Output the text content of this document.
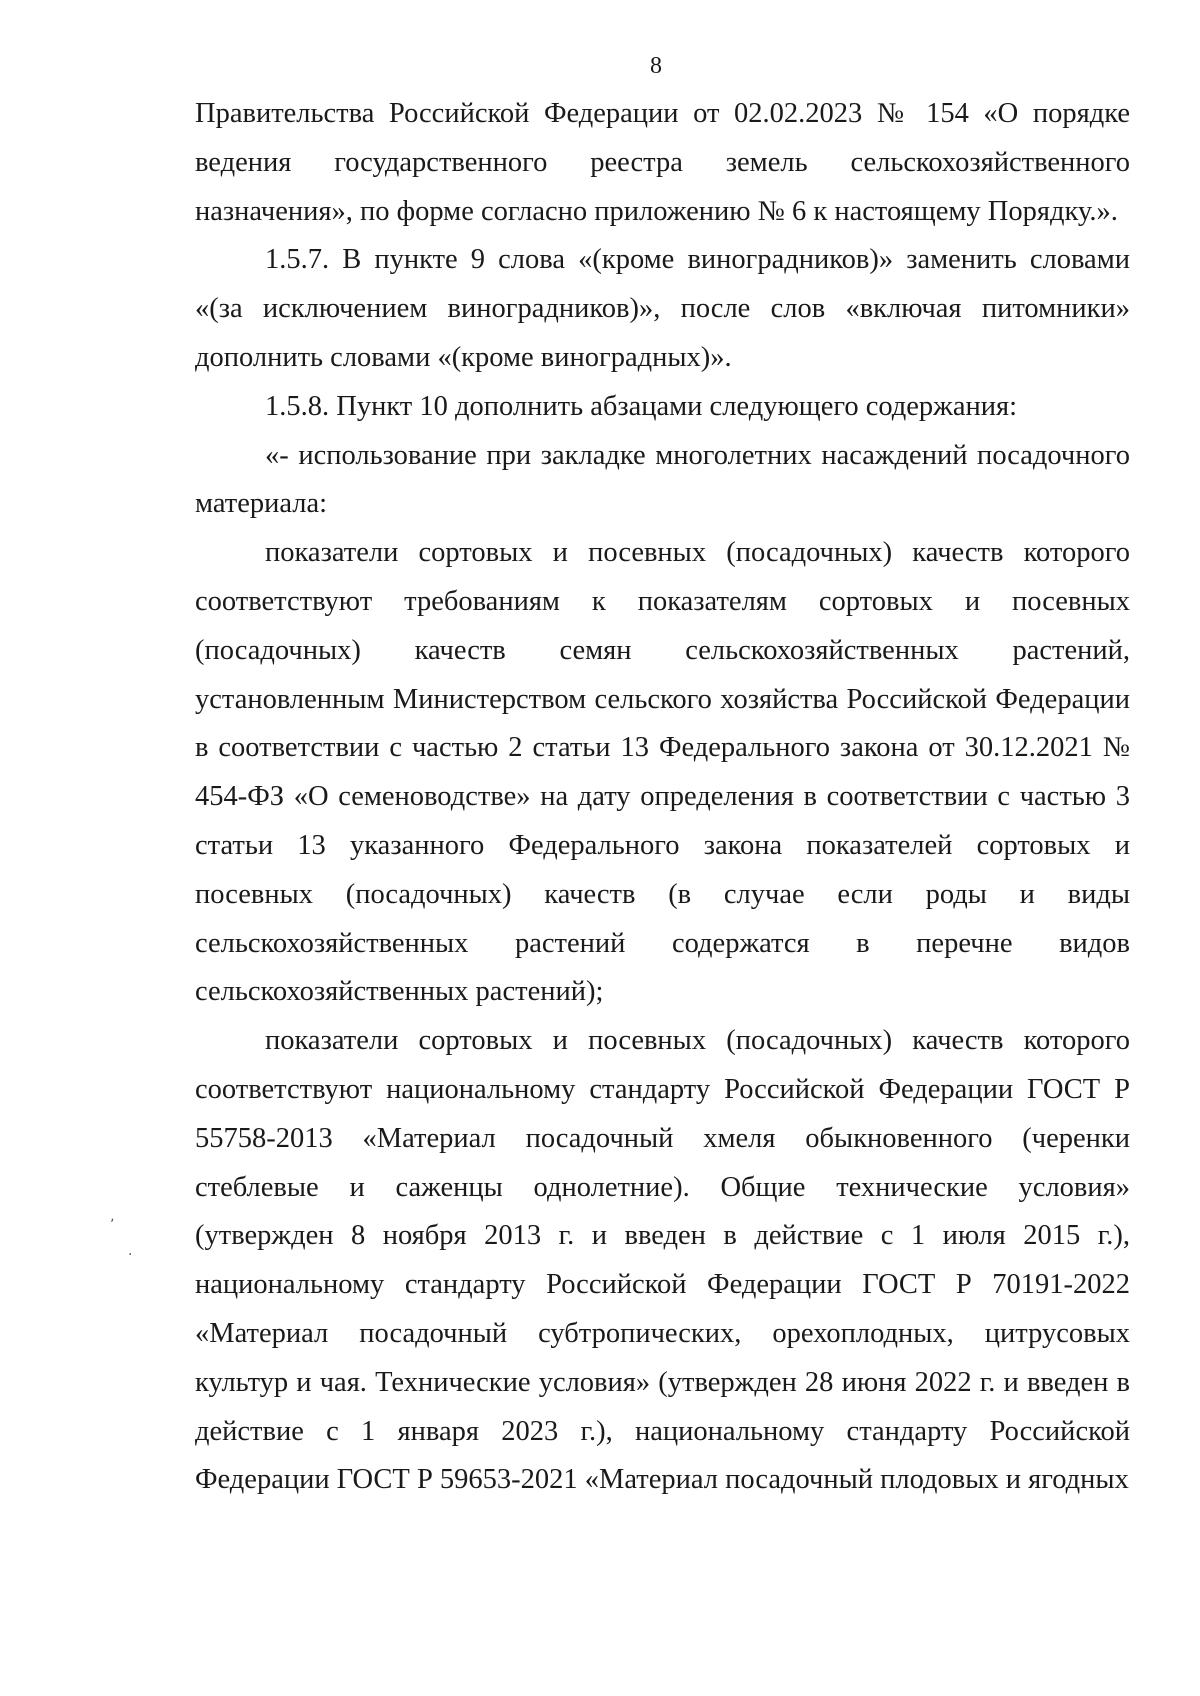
8

Правительства Российской Федерации от 02.02.2023 № 154 «О порядке ведения государственного реестра земель сельскохозяйственного назначения», по форме согласно приложению № 6 к настоящему Порядку.».

1.5.7. В пункте 9 слова «(кроме виноградников)» заменить словами «(за исключением виноградников)», после слов «включая питомники» дополнить словами «(кроме виноградных)».

1.5.8. Пункт 10 дополнить абзацами следующего содержания:

«- использование при закладке многолетних насаждений посадочного материала:

показатели сортовых и посевных (посадочных) качеств которого соответствуют требованиям к показателям сортовых и посевных (посадочных) качеств семян сельскохозяйственных растений, установленным Министерством сельского хозяйства Российской Федерации в соответствии с частью 2 статьи 13 Федерального закона от 30.12.2021 № 454-ФЗ «О семеноводстве» на дату определения в соответствии с частью 3 статьи 13 указанного Федерального закона показателей сортовых и посевных (посадочных) качеств (в случае если роды и виды сельскохозяйственных растений содержатся в перечне видов сельскохозяйственных растений);

показатели сортовых и посевных (посадочных) качеств которого соответствуют национальному стандарту Российской Федерации ГОСТ Р 55758-2013 «Материал посадочный хмеля обыкновенного (черенки стеблевые и саженцы однолетние). Общие технические условия» (утвержден 8 ноября 2013 г. и введен в действие с 1 июля 2015 г.), национальному стандарту Российской Федерации ГОСТ Р 70191-2022 «Материал посадочный субтропических, орехоплодных, цитрусовых культур и чая. Технические условия» (утвержден 28 июня 2022 г. и введен в действие с 1 января 2023 г.), национальному стандарту Российской Федерации ГОСТ Р 59653-2021 «Материал посадочный плодовых и ягодных

ʼ
·
